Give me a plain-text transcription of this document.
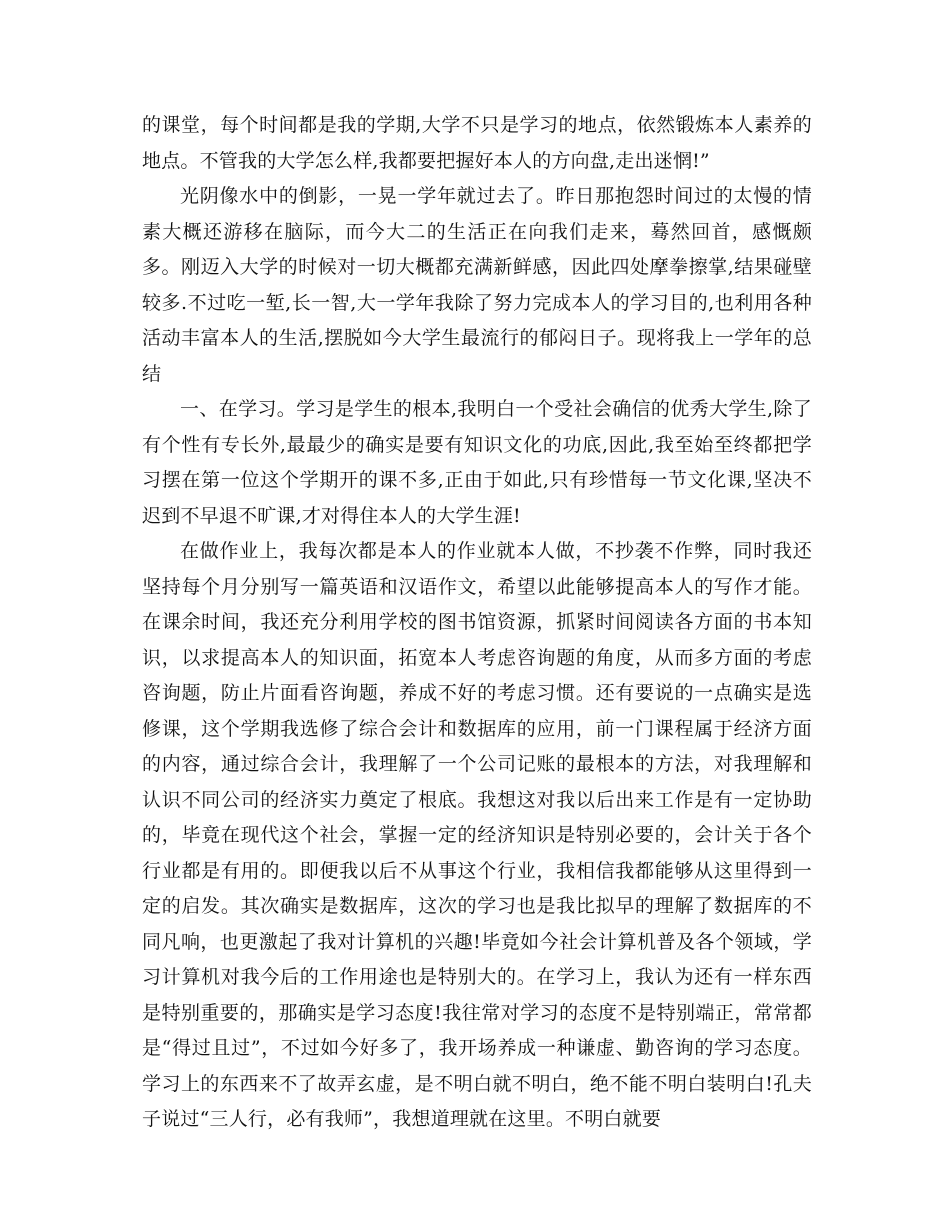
的课堂，每个时间都是我的学期,大学不只是学习的地点，依然锻炼本人素养的地点。不管我的大学怎么样,我都要把握好本人的方向盘,走出迷惘!”

光阴像水中的倒影，一晃一学年就过去了。昨日那抱怨时间过的太慢的情素大概还游移在脑际，而今大二的生活正在向我们走来，蓦然回首，感慨颇多。刚迈入大学的时候对一切大概都充满新鲜感，因此四处摩拳擦掌,结果碰壁较多.不过吃一堑,长一智,大一学年我除了努力完成本人的学习目的,也利用各种活动丰富本人的生活,摆脱如今大学生最流行的郁闷日子。现将我上一学年的总结

一、在学习。学习是学生的根本,我明白一个受社会确信的优秀大学生,除了有个性有专长外,最最少的确实是要有知识文化的功底,因此,我至始至终都把学习摆在第一位这个学期开的课不多,正由于如此,只有珍惜每一节文化课,坚决不迟到不早退不旷课,才对得住本人的大学生涯!

在做作业上，我每次都是本人的作业就本人做，不抄袭不作弊，同时我还坚持每个月分别写一篇英语和汉语作文，希望以此能够提高本人的写作才能。在课余时间，我还充分利用学校的图书馆资源，抓紧时间阅读各方面的书本知识，以求提高本人的知识面，拓宽本人考虑咨询题的角度，从而多方面的考虑咨询题，防止片面看咨询题，养成不好的考虑习惯。还有要说的一点确实是选修课，这个学期我选修了综合会计和数据库的应用，前一门课程属于经济方面的内容，通过综合会计，我理解了一个公司记账的最根本的方法，对我理解和认识不同公司的经济实力奠定了根底。我想这对我以后出来工作是有一定协助的，毕竟在现代这个社会，掌握一定的经济知识是特别必要的，会计关于各个行业都是有用的。即便我以后不从事这个行业，我相信我都能够从这里得到一定的启发。其次确实是数据库，这次的学习也是我比拟早的理解了数据库的不同凡响，也更激起了我对计算机的兴趣!毕竟如今社会计算机普及各个领域，学习计算机对我今后的工作用途也是特别大的。在学习上，我认为还有一样东西是特别重要的，那确实是学习态度!我往常对学习的态度不是特别端正，常常都是“得过且过”，不过如今好多了，我开场养成一种谦虚、勤咨询的学习态度。学习上的东西来不了故弄玄虚，是不明白就不明白，绝不能不明白装明白!孔夫子说过“三人行，必有我师”，我想道理就在这里。不明白就要
